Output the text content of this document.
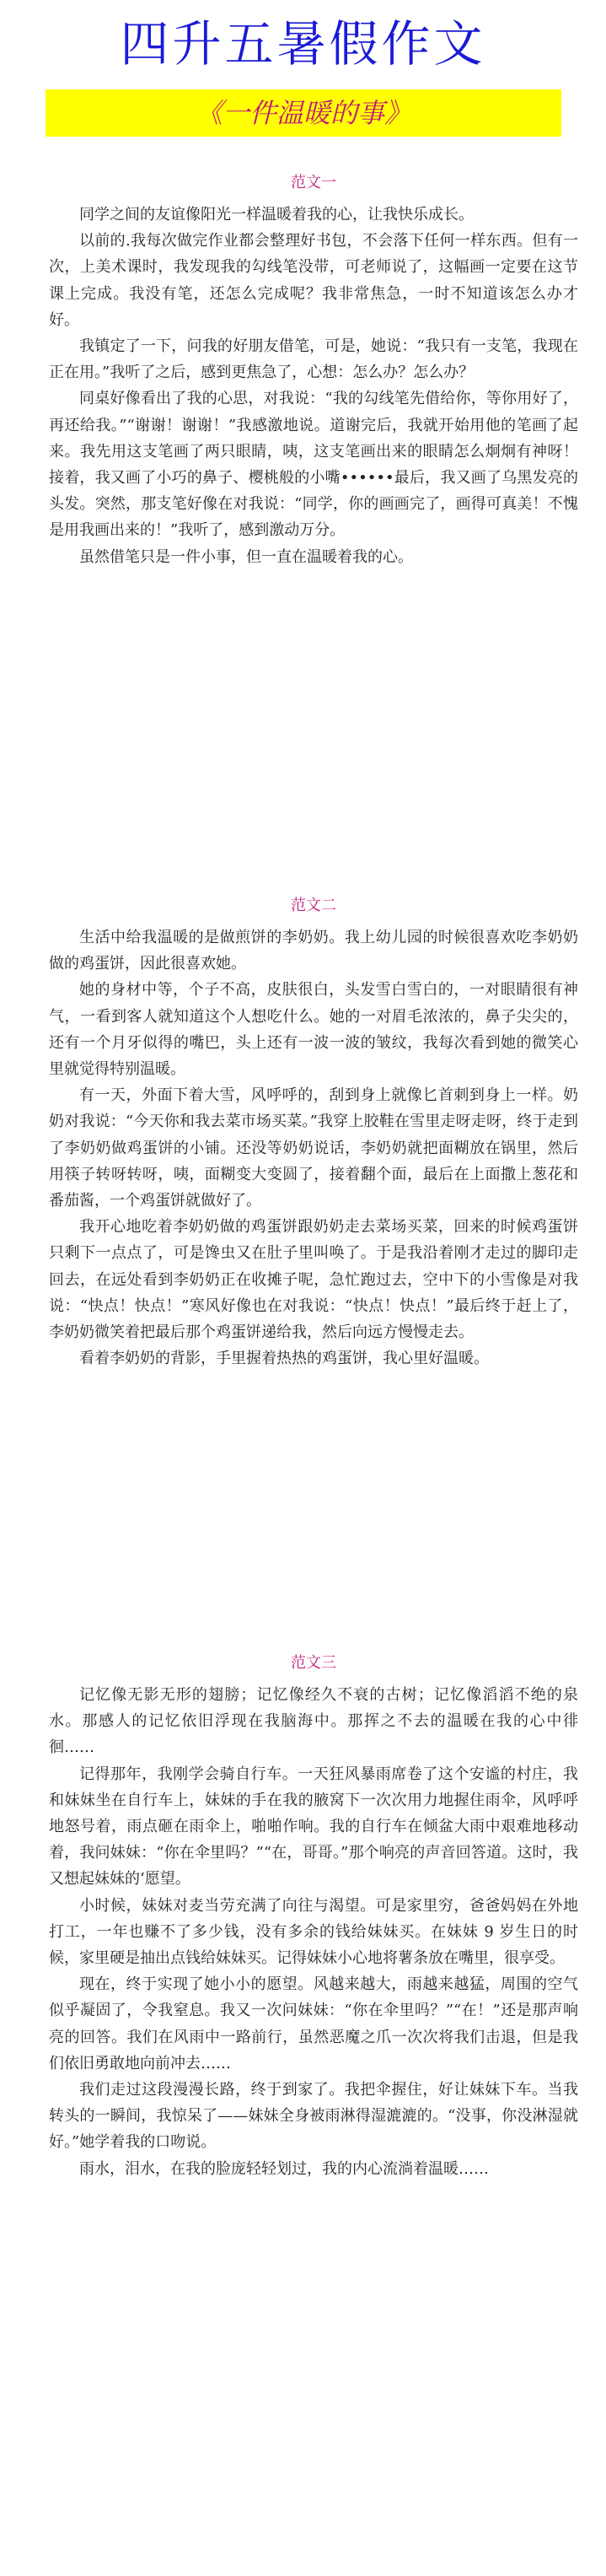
四升五暑假作文
《一件温暖的事》
范文一

同学之间的友谊像阳光一样温暖着我的心，让我快乐成长。

以前的.我每次做完作业都会整理好书包，不会落下任何一样东西。但有一次，上美术课时，我发现我的勾线笔没带，可老师说了，这幅画一定要在这节课上完成。我没有笔，还怎么完成呢？我非常焦急，一时不知道该怎么办才好。

我镇定了一下，问我的好朋友借笔，可是，她说：“我只有一支笔，我现在正在用。”我听了之后，感到更焦急了，心想：怎么办？怎么办？

同桌好像看出了我的心思，对我说：“我的勾线笔先借给你，等你用好了，再还给我。”“谢谢！谢谢！”我感激地说。道谢完后，我就开始用他的笔画了起来。我先用这支笔画了两只眼睛，咦，这支笔画出来的眼睛怎么炯炯有神呀！接着，我又画了小巧的鼻子、樱桃般的小嘴••••••最后，我又画了乌黑发亮的头发。突然，那支笔好像在对我说：“同学，你的画画完了，画得可真美！不愧是用我画出来的！”我听了，感到激动万分。

虽然借笔只是一件小事，但一直在温暖着我的心。

范文二

生活中给我温暖的是做煎饼的李奶奶。我上幼儿园的时候很喜欢吃李奶奶做的鸡蛋饼，因此很喜欢她。

她的身材中等，个子不高，皮肤很白，头发雪白雪白的，一对眼睛很有神气，一看到客人就知道这个人想吃什么。她的一对眉毛浓浓的，鼻子尖尖的，还有一个月牙似得的嘴巴，头上还有一波一波的皱纹，我每次看到她的微笑心里就觉得特别温暖。

有一天，外面下着大雪，风呼呼的，刮到身上就像匕首刺到身上一样。奶奶对我说：“今天你和我去菜市场买菜。”我穿上胶鞋在雪里走呀走呀，终于走到了李奶奶做鸡蛋饼的小铺。还没等奶奶说话，李奶奶就把面糊放在锅里，然后用筷子转呀转呀，咦，面糊变大变圆了，接着翻个面，最后在上面撒上葱花和番茄酱，一个鸡蛋饼就做好了。

我开心地吃着李奶奶做的鸡蛋饼跟奶奶走去菜场买菜，回来的时候鸡蛋饼只剩下一点点了，可是馋虫又在肚子里叫唤了。于是我沿着刚才走过的脚印走回去，在远处看到李奶奶正在收摊子呢，急忙跑过去，空中下的小雪像是对我说：“快点！快点！”寒风好像也在对我说：“快点！快点！”最后终于赶上了，李奶奶微笑着把最后那个鸡蛋饼递给我，然后向远方慢慢走去。

看着李奶奶的背影，手里握着热热的鸡蛋饼，我心里好温暖。

范文三

记忆像无影无形的翅膀；记忆像经久不衰的古树；记忆像滔滔不绝的泉水。那感人的记忆依旧浮现在我脑海中。那挥之不去的温暖在我的心中徘徊……

记得那年，我刚学会骑自行车。一天狂风暴雨席卷了这个安谧的村庄，我和妹妹坐在自行车上，妹妹的手在我的腋窝下一次次用力地握住雨伞，风呼呼地怒号着，雨点砸在雨伞上，啪啪作响。我的自行车在倾盆大雨中艰难地移动着，我问妹妹：“你在伞里吗？”“在，哥哥。”那个响亮的声音回答道。这时，我又想起妹妹的‘愿望。

小时候，妹妹对麦当劳充满了向往与渴望。可是家里穷，爸爸妈妈在外地打工，一年也赚不了多少钱，没有多余的钱给妹妹买。在妹妹 9 岁生日的时候，家里硬是抽出点钱给妹妹买。记得妹妹小心地将薯条放在嘴里，很享受。

现在，终于实现了她小小的愿望。风越来越大，雨越来越猛，周围的空气似乎凝固了，令我窒息。我又一次问妹妹：“你在伞里吗？”“在！”还是那声响亮的回答。我们在风雨中一路前行，虽然恶魔之爪一次次将我们击退，但是我们依旧勇敢地向前冲去……

我们走过这段漫漫长路，终于到家了。我把伞握住，好让妹妹下车。当我转头的一瞬间，我惊呆了——妹妹全身被雨淋得湿漉漉的。“没事，你没淋湿就好。”她学着我的口吻说。

雨水，泪水，在我的脸庞轻轻划过，我的内心流淌着温暖……
